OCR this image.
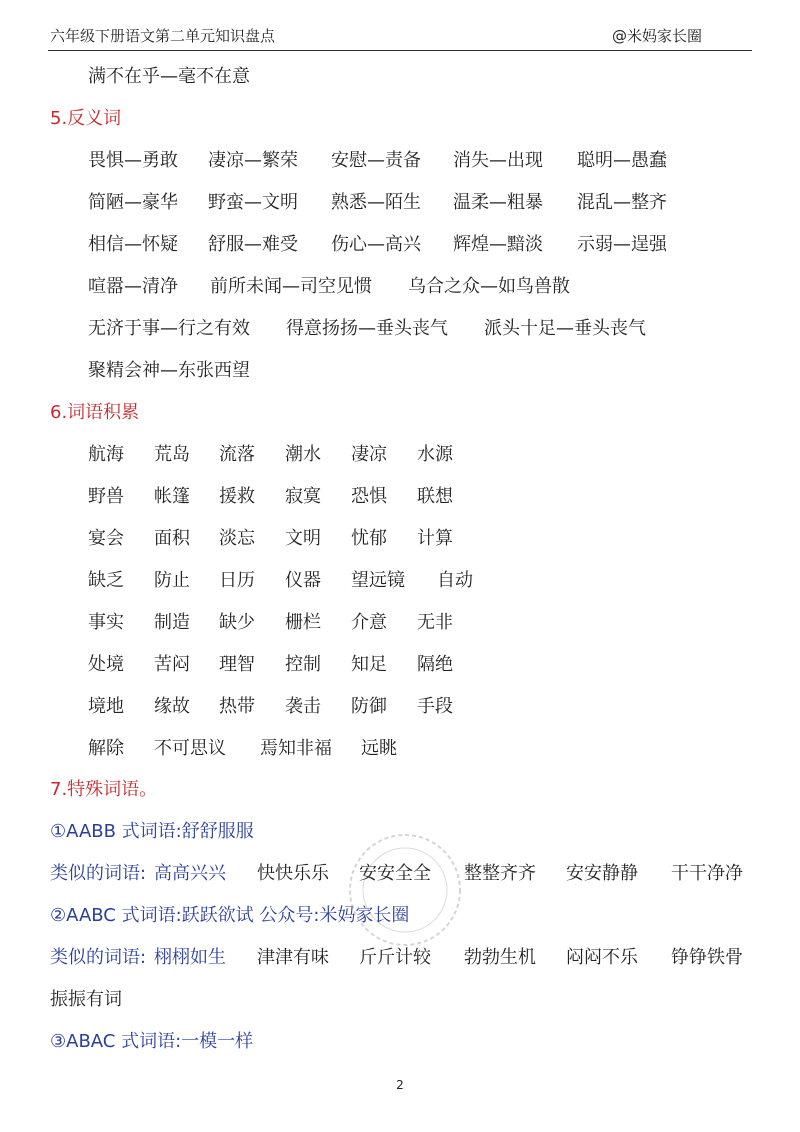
六年级下册语文第二单元知识盘点	@米妈家长圈
满不在乎—毫不在意
5.反义词
畏惧—勇敢 凄凉—繁荣 安慰—责备 消失—出现 聪明—愚蠢
简陋—豪华 野蛮—文明 熟悉—陌生 温柔—粗暴 混乱—整齐
相信—怀疑 舒服—难受 伤心—高兴 辉煌—黯淡 示弱—逞强
喧嚣—清净 前所未闻—司空见惯 乌合之众—如鸟兽散
无济于事—行之有效 得意扬扬—垂头丧气 派头十足—垂头丧气
聚精会神—东张西望
6.词语积累
航海 荒岛 流落 潮水 凄凉 水源
野兽 帐篷 援救 寂寞 恐惧 联想
宴会 面积 淡忘 文明 忧郁 计算
缺乏 防止 日历 仪器 望远镜 自动
事实 制造 缺少 栅栏 介意 无非
处境 苦闷 理智 控制 知足 隔绝
境地 缘故 热带 袭击 防御 手段
解除 不可思议 焉知非福 远眺
7.特殊词语。
①AABB 式词语:舒舒服服
类似的词语: 高高兴兴 快快乐乐 安安全全 整整齐齐 安安静静 干干净净
②AABC 式词语:跃跃欲试 公众号:米妈家长圈
类似的词语: 栩栩如生 津津有味 斤斤计较 勃勃生机 闷闷不乐 铮铮铁骨
振振有词
③ABAC 式词语:一模一样
2
